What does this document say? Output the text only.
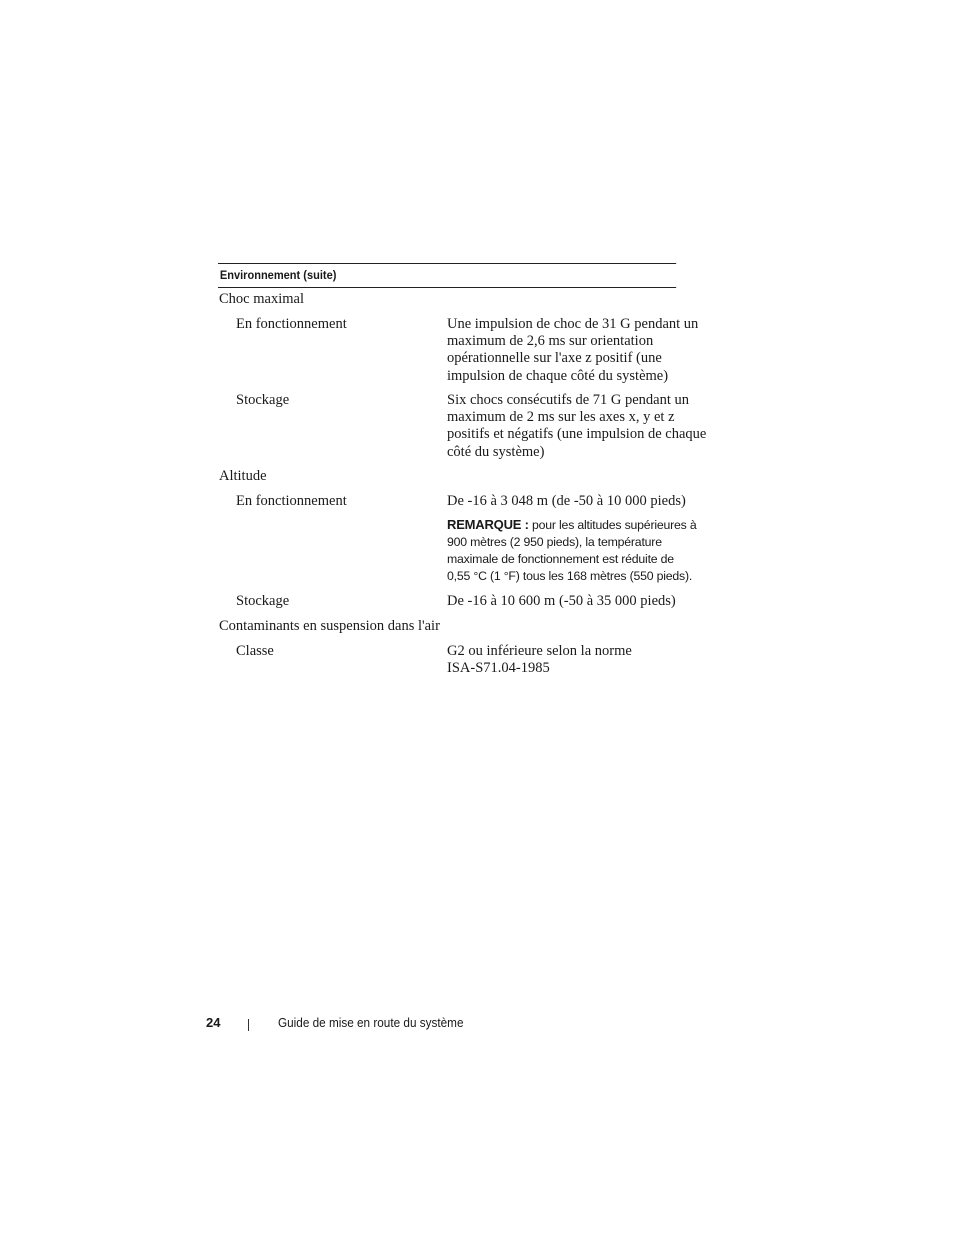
Environnement (suite)
Choc maximal
En fonctionnement	Une impulsion de choc de 31 G pendant un
maximum de 2,6 ms sur orientation
opérationnelle sur l'axe z positif (une
impulsion de chaque côté du système)
Stockage	Six chocs consécutifs de 71 G pendant un
maximum de 2 ms sur les axes x, y et z
positifs et négatifs (une impulsion de chaque
côté du système)
Altitude
En fonctionnement	De -16 à 3 048 m (de -50 à 10 000 pieds)
REMARQUE : pour les altitudes supérieures à
900 mètres (2 950 pieds), la température
maximale de fonctionnement est réduite de
0,55 °C (1 °F) tous les 168 mètres (550 pieds).
Stockage	De -16 à 10 600 m (-50 à 35 000 pieds)
Contaminants en suspension dans l'air
Classe	G2 ou inférieure selon la norme
ISA-S71.04-1985
24	Guide de mise en route du système
